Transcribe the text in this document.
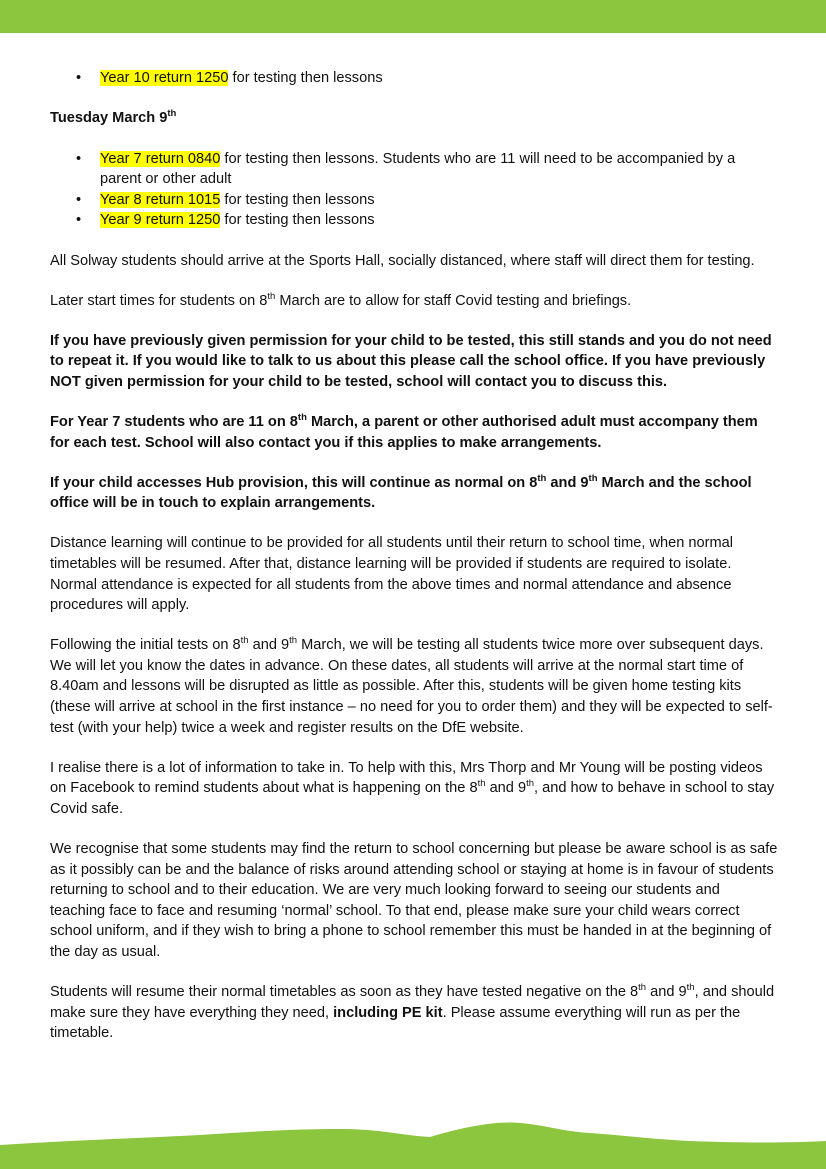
• Year 10 return 1250 for testing then lessons
Tuesday March 9th
• Year 7 return 0840 for testing then lessons. Students who are 11 will need to be accompanied by a parent or other adult
• Year 8 return 1015 for testing then lessons
• Year 9 return 1250 for testing then lessons

All Solway students should arrive at the Sports Hall, socially distanced, where staff will direct them for testing.

Later start times for students on 8th March are to allow for staff Covid testing and briefings.

If you have previously given permission for your child to be tested, this still stands and you do not need to repeat it. If you would like to talk to us about this please call the school office. If you have previously NOT given permission for your child to be tested, school will contact you to discuss this.

For Year 7 students who are 11 on 8th March, a parent or other authorised adult must accompany them for each test. School will also contact you if this applies to make arrangements.

If your child accesses Hub provision, this will continue as normal on 8th and 9th March and the school office will be in touch to explain arrangements.

Distance learning will continue to be provided for all students until their return to school time, when normal timetables will be resumed. After that, distance learning will be provided if students are required to isolate. Normal attendance is expected for all students from the above times and normal attendance and absence procedures will apply.

Following the initial tests on 8th and 9th March, we will be testing all students twice more over subsequent days. We will let you know the dates in advance. On these dates, all students will arrive at the normal start time of 8.40am and lessons will be disrupted as little as possible. After this, students will be given home testing kits (these will arrive at school in the first instance – no need for you to order them) and they will be expected to self-test (with your help) twice a week and register results on the DfE website.

I realise there is a lot of information to take in. To help with this, Mrs Thorp and Mr Young will be posting videos on Facebook to remind students about what is happening on the 8th and 9th, and how to behave in school to stay Covid safe.

We recognise that some students may find the return to school concerning but please be aware school is as safe as it possibly can be and the balance of risks around attending school or staying at home is in favour of students returning to school and to their education. We are very much looking forward to seeing our students and teaching face to face and resuming ‘normal’ school. To that end, please make sure your child wears correct school uniform, and if they wish to bring a phone to school remember this must be handed in at the beginning of the day as usual.

Students will resume their normal timetables as soon as they have tested negative on the 8th and 9th, and should make sure they have everything they need, including PE kit. Please assume everything will run as per the timetable.
